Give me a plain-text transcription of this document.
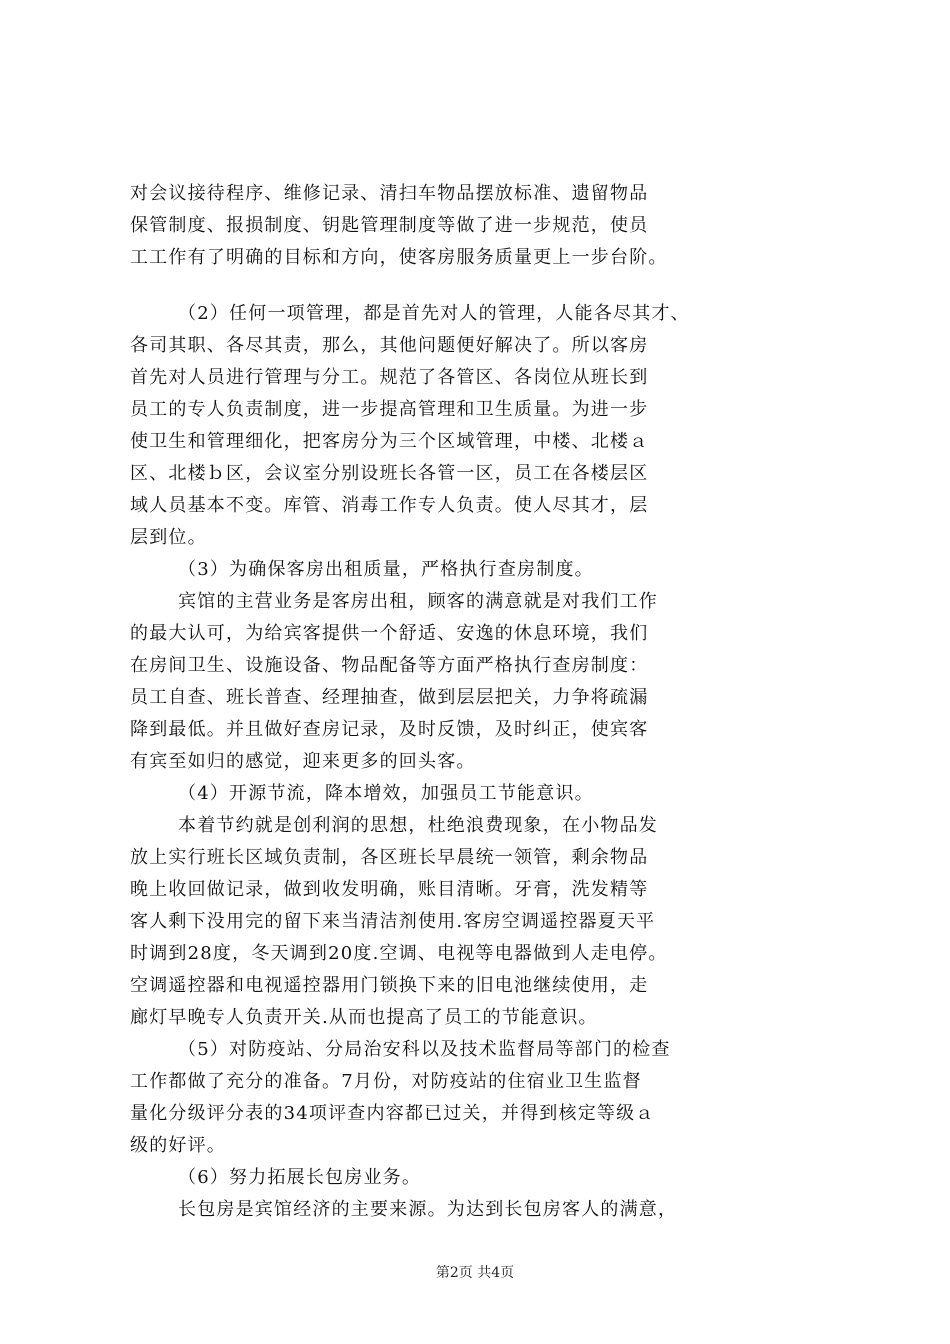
对会议接待程序、维修记录、清扫车物品摆放标准、遗留物品
保管制度、报损制度、钥匙管理制度等做了进一步规范，使员
工工作有了明确的目标和方向，使客房服务质量更上一步台阶。
（2）任何一项管理，都是首先对人的管理，人能各尽其才、
各司其职、各尽其责，那么，其他问题便好解决了。所以客房
首先对人员进行管理与分工。规范了各管区、各岗位从班长到
员工的专人负责制度，进一步提高管理和卫生质量。为进一步
使卫生和管理细化，把客房分为三个区域管理，中楼、北楼ａ
区、北楼ｂ区，会议室分别设班长各管一区，员工在各楼层区
域人员基本不变。库管、消毒工作专人负责。使人尽其才，层
层到位。
（3）为确保客房出租质量，严格执行查房制度。
宾馆的主营业务是客房出租，顾客的满意就是对我们工作
的最大认可，为给宾客提供一个舒适、安逸的休息环境，我们
在房间卫生、设施设备、物品配备等方面严格执行查房制度：
员工自查、班长普查、经理抽查，做到层层把关，力争将疏漏
降到最低。并且做好查房记录，及时反馈，及时纠正，使宾客
有宾至如归的感觉，迎来更多的回头客。
（4）开源节流，降本增效，加强员工节能意识。
本着节约就是创利润的思想，杜绝浪费现象，在小物品发
放上实行班长区域负责制，各区班长早晨统一领管，剩余物品
晚上收回做记录，做到收发明确，账目清晰。牙膏，洗发精等
客人剩下没用完的留下来当清洁剂使用.客房空调遥控器夏天平
时调到28度，冬天调到20度.空调、电视等电器做到人走电停。
空调遥控器和电视遥控器用门锁换下来的旧电池继续使用，走
廊灯早晚专人负责开关.从而也提高了员工的节能意识。
（5）对防疫站、分局治安科以及技术监督局等部门的检查
工作都做了充分的准备。7月份，对防疫站的住宿业卫生监督
量化分级评分表的34项评查内容都已过关，并得到核定等级ａ
级的好评。
（6）努力拓展长包房业务。
长包房是宾馆经济的主要来源。为达到长包房客人的满意，
第2页 共4页
